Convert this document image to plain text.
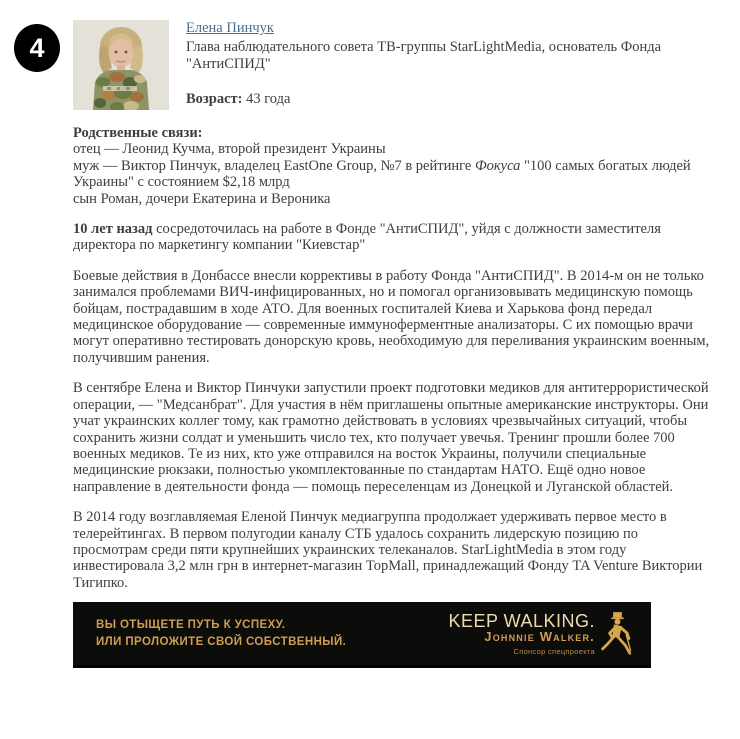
4
Елена Пинчук
Глава наблюдательного совета ТВ-группы StarLightMedia, основатель Фонда "АнтиСПИД"
Возраст: 43 года

Родственные связи:
отец — Леонид Кучма, второй президент Украины
муж — Виктор Пинчук, владелец EastOne Group, №7 в рейтинге Фокуса "100 самых богатых людей Украины" с состоянием $2,18 млрд
сын Роман, дочери Екатерина и Вероника

10 лет назад сосредоточилась на работе в Фонде "АнтиСПИД", уйдя с должности заместителя директора по маркетингу компании "Киевстар"

Боевые действия в Донбассе внесли коррективы в работу Фонда "АнтиСПИД". В 2014-м он не только занимался проблемами ВИЧ-инфицированных, но и помогал организовывать медицинскую помощь бойцам, пострадавшим в ходе АТО. Для военных госпиталей Киева и Харькова фонд передал медицинское оборудование — современные иммуноферментные анализаторы. С их помощью врачи могут оперативно тестировать донорскую кровь, необходимую для переливания украинским военным, получившим ранения.

В сентябре Елена и Виктор Пинчуки запустили проект подготовки медиков для антитеррористической операции, — "Медсанбрат". Для участия в нём приглашены опытные американские инструкторы. Они учат украинских коллег тому, как грамотно действовать в условиях чрезвычайных ситуаций, чтобы сохранить жизни солдат и уменьшить число тех, кто получает увечья. Тренинг прошли более 700 военных медиков. Те из них, кто уже отправился на восток Украины, получили специальные медицинские рюкзаки, полностью укомплектованные по стандартам НАТО. Ещё одно новое направление в деятельности фонда — помощь переселенцам из Донецкой и Луганской областей.

В 2014 году возглавляемая Еленой Пинчук медиагруппа продолжает удерживать первое место в телерейтингах. В первом полугодии каналу СТБ удалось сохранить лидерскую позицию по просмотрам среди пяти крупнейших украинских телеканалов. StarLightMedia в этом году инвестировала 3,2 млн грн в интернет-магазин TopMall, принадлежащий Фонду TA Venture Виктории Тигипко.

ВЫ ОТЫЩЕТЕ ПУТЬ К УСПЕХУ.
ИЛИ ПРОЛОЖИТЕ СВОЙ СОБСТВЕННЫЙ.
KEEP WALKING.
Johnnie Walker.
Спонсор спецпроекта
